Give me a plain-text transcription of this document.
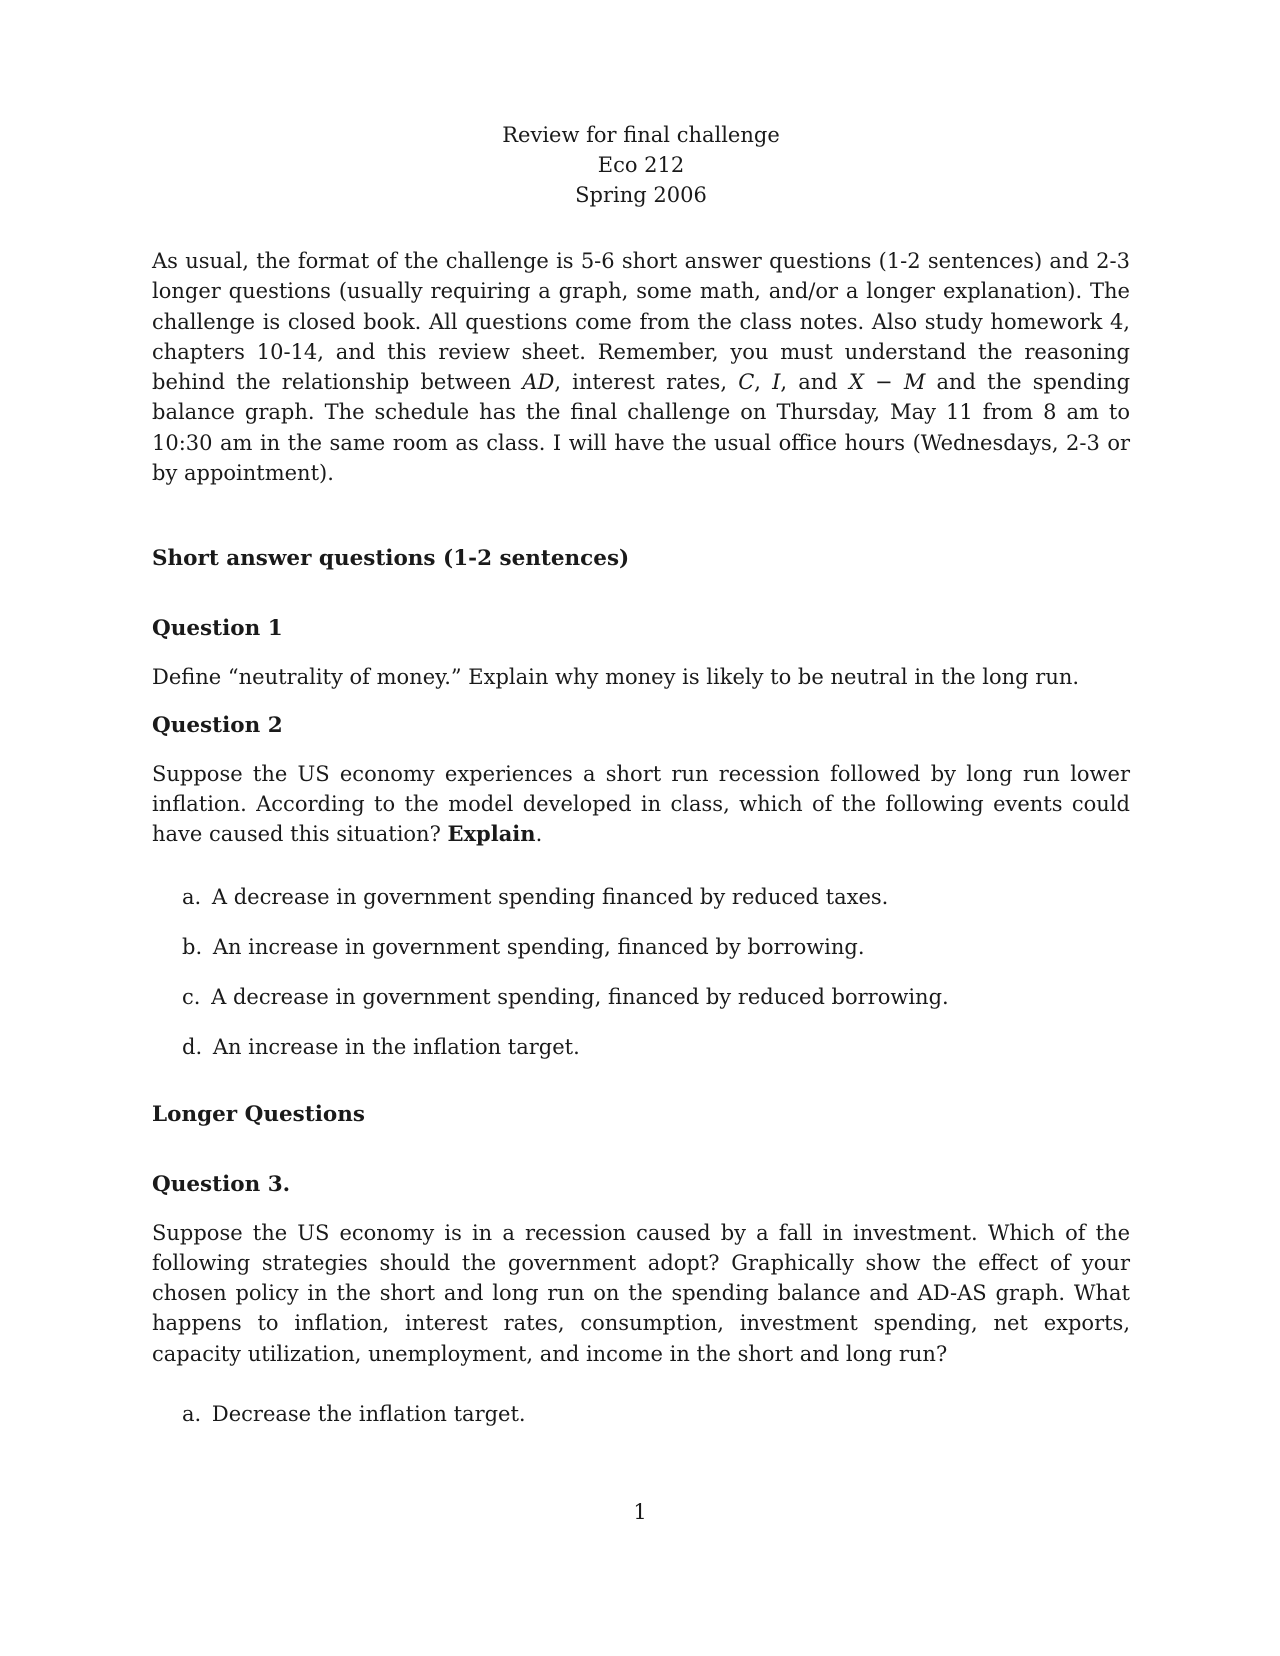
Review for final challenge
Eco 212
Spring 2006

As usual, the format of the challenge is 5-6 short answer questions (1-2 sentences) and 2-3 longer questions (usually requiring a graph, some math, and/or a longer explanation). The challenge is closed book. All questions come from the class notes. Also study homework 4, chapters 10-14, and this review sheet. Remember, you must understand the reasoning behind the relationship between AD, interest rates, C, I, and X − M and the spending balance graph. The schedule has the final challenge on Thursday, May 11 from 8 am to 10:30 am in the same room as class. I will have the usual office hours (Wednesdays, 2-3 or by appointment).

Short answer questions (1-2 sentences)
Question 1

Define “neutrality of money.” Explain why money is likely to be neutral in the long run.

Question 2

Suppose the US economy experiences a short run recession followed by long run lower inflation. According to the model developed in class, which of the following events could have caused this situation? Explain.

a. A decrease in government spending financed by reduced taxes.
b. An increase in government spending, financed by borrowing.
c. A decrease in government spending, financed by reduced borrowing.
d. An increase in the inflation target.
Longer Questions
Question 3.

Suppose the US economy is in a recession caused by a fall in investment. Which of the following strategies should the government adopt? Graphically show the effect of your chosen policy in the short and long run on the spending balance and AD-AS graph. What happens to inflation, interest rates, consumption, investment spending, net exports, capacity utilization, unemployment, and income in the short and long run?

a. Decrease the inflation target.
1
